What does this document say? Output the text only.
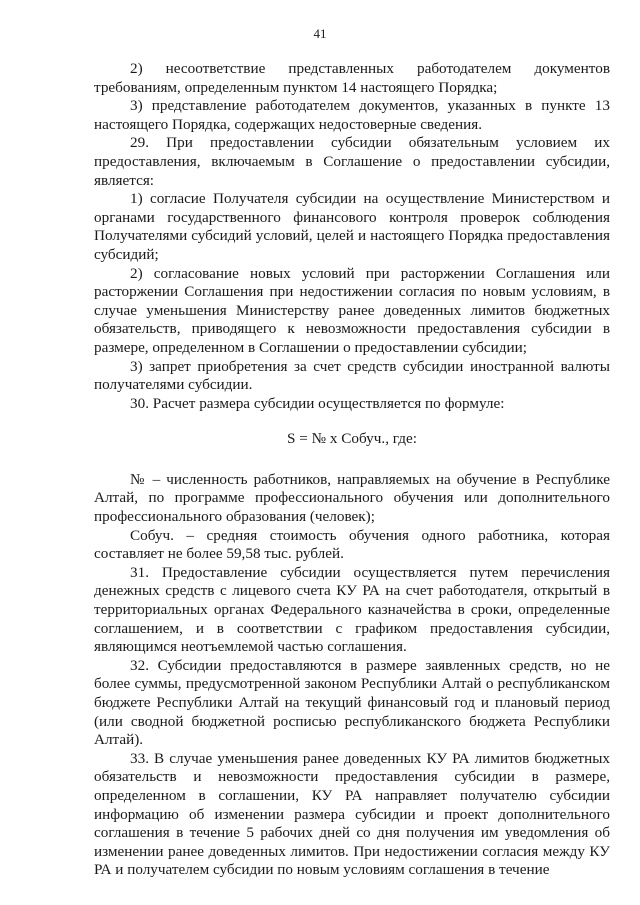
41

2) несоответствие представленных работодателем документов требованиям, определенным пунктом 14 настоящего Порядка;

3) представление работодателем документов, указанных в пункте 13 настоящего Порядка, содержащих недостоверные сведения.

29. При предоставлении субсидии обязательным условием их предоставления, включаемым в Соглашение о предоставлении субсидии, является:

1) согласие Получателя субсидии на осуществление Министерством и органами государственного финансового контроля проверок соблюдения Получателями субсидий условий, целей и настоящего Порядка предоставления субсидий;

2) согласование новых условий при расторжении Соглашения или расторжении Соглашения при недостижении согласия по новым условиям, в случае уменьшения Министерству ранее доведенных лимитов бюджетных обязательств, приводящего к невозможности предоставления субсидии в размере, определенном в Соглашении о предоставлении субсидии;

3) запрет приобретения за счет средств субсидии иностранной валюты получателями субсидии.

30. Расчет размера субсидии осуществляется по формуле:

S = № x Собуч., где:

№ – численность работников, направляемых на обучение в Республике Алтай, по программе профессионального обучения или дополнительного профессионального образования (человек);

Собуч. – средняя стоимость обучения одного работника, которая составляет не более 59,58 тыс. рублей.

31. Предоставление субсидии осуществляется путем перечисления денежных средств с лицевого счета КУ РА на счет работодателя, открытый в территориальных органах Федерального казначейства в сроки, определенные соглашением, и в соответствии с графиком предоставления субсидии, являющимся неотъемлемой частью соглашения.

32. Субсидии предоставляются в размере заявленных средств, но не более суммы, предусмотренной законом Республики Алтай о республиканском бюджете Республики Алтай на текущий финансовый год и плановый период (или сводной бюджетной росписью республиканского бюджета Республики Алтай).

33. В случае уменьшения ранее доведенных КУ РА лимитов бюджетных обязательств и невозможности предоставления субсидии в размере, определенном в соглашении, КУ РА направляет получателю субсидии информацию об изменении размера субсидии и проект дополнительного соглашения в течение 5 рабочих дней со дня получения им уведомления об изменении ранее доведенных лимитов. При недостижении согласия между КУ РА и получателем субсидии по новым условиям соглашения в течение
